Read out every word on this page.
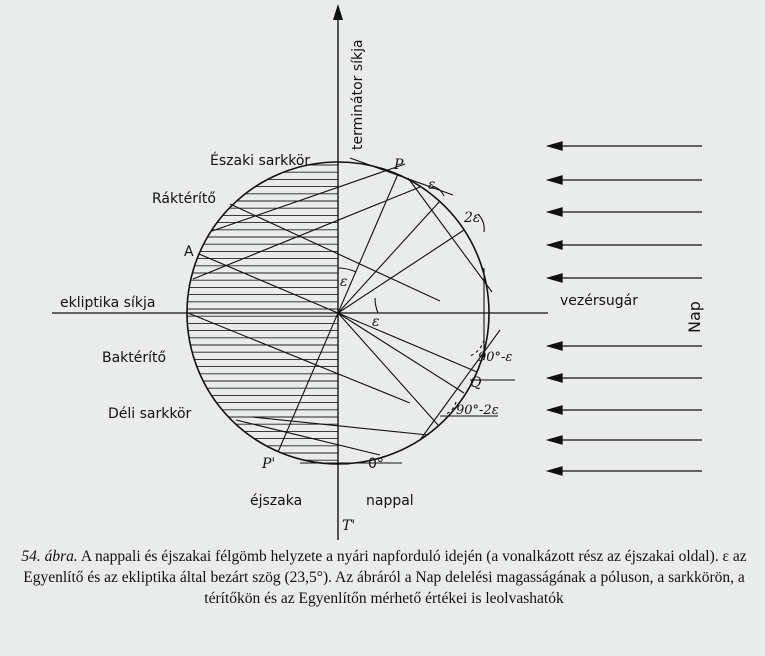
terminátor síkja
Északi sarkkör
Ráktérítő
A
ekliptika síkja
Baktérítő
Déli sarkkör
P'
éjszaka	nappal
T'
P
ε
ε
ε
2ε
Q
90°-ε
90°-2ε
0°
vezérsugár
Nap
54. ábra. A nappali és éjszakai félgömb helyzete a nyári napforduló idején (a vonalkázott rész az éjszakai oldal). ε az Egyenlítő és az ekliptika által bezárt szög (23,5°). Az ábráról a Nap delelési magasságának a póluson, a sarkkörön, a térítőkön és az Egyenlítőn mérhető értékei is leolvashatók
